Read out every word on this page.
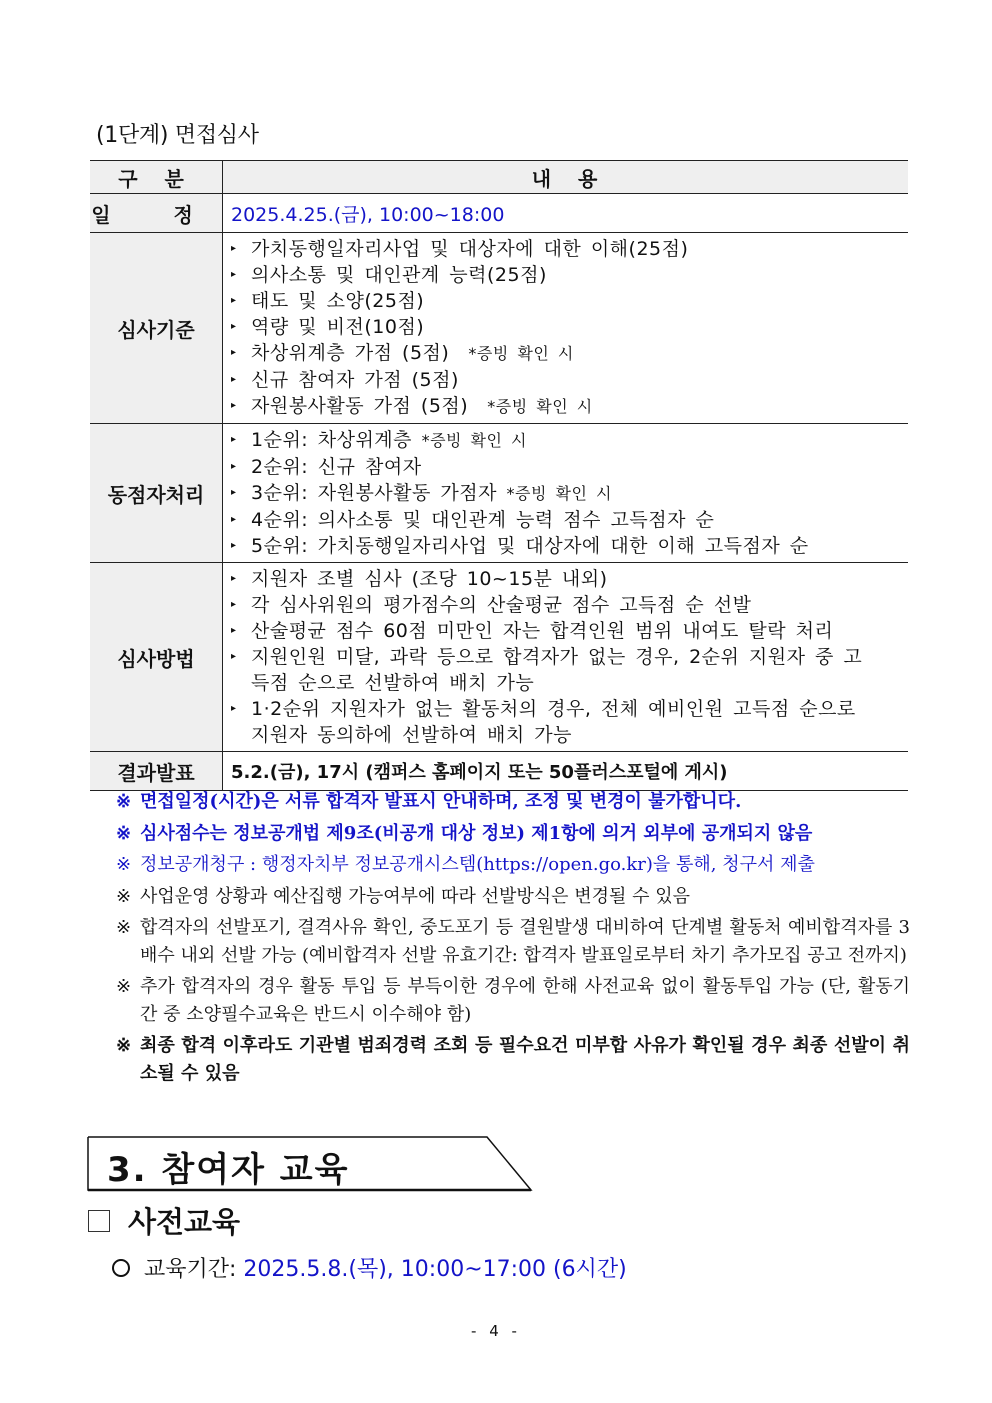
(1단계) 면접심사
구 분	내 용
일 정	2025.4.25.(금), 10:00~18:00
심사기준	
▸ 가치동행일자리사업 및 대상자에 대한 이해(25점)
▸ 의사소통 및 대인관계 능력(25점)
▸ 태도 및 소양(25점)
▸ 역량 및 비전(10점)
▸ 차상위계층 가점 (5점) *증빙 확인 시
▸ 신규 참여자 가점 (5점)
▸ 자원봉사활동 가점 (5점) *증빙 확인 시

동점자처리	
▸ 1순위: 차상위계층 *증빙 확인 시
▸ 2순위: 신규 참여자
▸ 3순위: 자원봉사활동 가점자 *증빙 확인 시
▸ 4순위: 의사소통 및 대인관계 능력 점수 고득점자 순
▸ 5순위: 가치동행일자리사업 및 대상자에 대한 이해 고득점자 순

심사방법	
▸ 지원자 조별 심사 (조당 10~15분 내외)
▸ 각 심사위원의 평가점수의 산술평균 점수 고득점 순 선발
▸ 산술평균 점수 60점 미만인 자는 합격인원 범위 내여도 탈락 처리
▸ 지원인원 미달, 과락 등으로 합격자가 없는 경우, 2순위 지원자 중 고득점 순으로 선발하여 배치 가능
▸ 1·2순위 지원자가 없는 활동처의 경우, 전체 예비인원 고득점 순으로 지원자 동의하에 선발하여 배치 가능

결과발표	5.2.(금), 17시 (캠퍼스 홈페이지 또는 50플러스포털에 게시)
※ 면접일정(시간)은 서류 합격자 발표시 안내하며, 조정 및 변경이 불가합니다.
※ 심사점수는 정보공개법 제9조(비공개 대상 정보) 제1항에 의거 외부에 공개되지 않음
※ 정보공개청구 : 행정자치부 정보공개시스템(https://open.go.kr)을 통해, 청구서 제출
※ 사업운영 상황과 예산집행 가능여부에 따라 선발방식은 변경될 수 있음
※ 합격자의 선발포기, 결격사유 확인, 중도포기 등 결원발생 대비하여 단계별 활동처 예비합격자를 3배수 내외 선발 가능 (예비합격자 선발 유효기간: 합격자 발표일로부터 차기 추가모집 공고 전까지)
※ 추가 합격자의 경우 활동 투입 등 부득이한 경우에 한해 사전교육 없이 활동투입 가능 (단, 활동기간 중 소양필수교육은 반드시 이수해야 함)
※ 최종 합격 이후라도 기관별 범죄경력 조회 등 필수요건 미부합 사유가 확인될 경우 최종 선발이 취소될 수 있음
3. 참여자 교육
사전교육
교육기간:
2025.5.8.(목), 10:00~17:00 (6시간)
- 4 -
